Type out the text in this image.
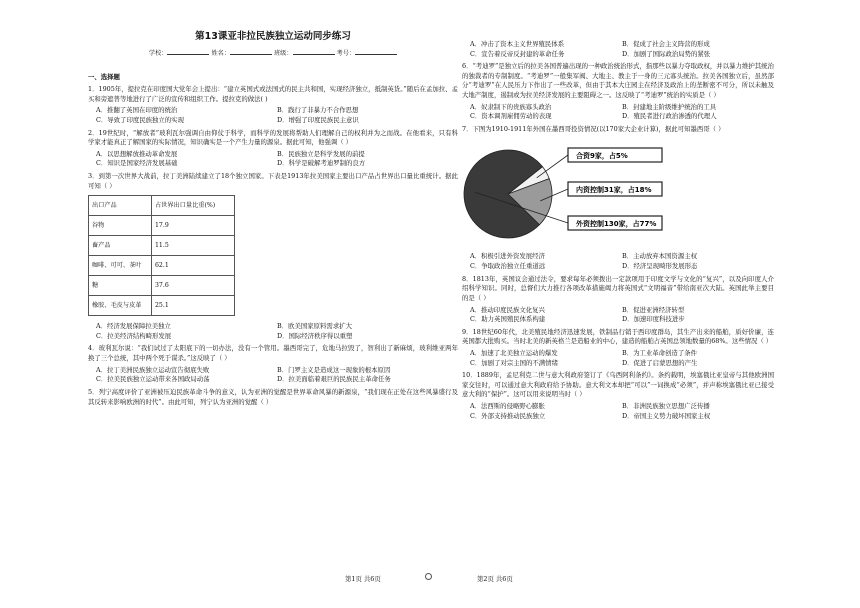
第13课亚非拉民族独立运动同步练习
学校：	姓名：	班级：	考号：
一、选择题
1．1905年，提拉克在印度国大党年会上提出：“建立英国式或法国式的民主共和国，实现经济独立，抵制英货。”随后在孟加拉、孟买和旁遮普等地进行了广泛的宣传和组织工作。提拉克的做法( )
A．推翻了英国在印度的统治	B．践行了非暴力不合作思想
C．导致了印度民族独立的实现	D．增强了印度民族民主意识
2．19世纪时，“解放者”玻利瓦尔强调自由仰仗于科学，而科学的发展将帮助人们理解自己的权利并为之而战。在他看来，只有科学家才能真正了解国家的实际情况，知识确实是一个产生力量的源泉。据此可知，他强调（ ）
A．以思想解放推动革命发展	B．民族独立是科学发展的前提
C．知识是国家经济发展基础	D．科学是破解考迪罗制的良方
3．到第一次世界大战前，拉丁美洲陆续建立了18个独立国家。下表是1913年拉美国家主要出口产品占世界出口量比重统计。据此可知（ ）
出口产品	占世界出口量比重(%)
谷物	17.9
畜产品	11.5
咖啡、可可、茶叶	62.1
糖	37.6
橡胶、毛皮与皮革	25.1
A．经济发展保障拉美独立	B．欧美国家原料需求扩大
C．拉美经济结构畸形发展	D．国际经济秩序得以重塑
4．玻利瓦尔说：“我们试过了太阳底下的一切办法，没有一个管用。墨西哥完了，危地马拉毁了，智利出了新麻烦，玻利维亚两年换了三个总统，其中两个死于谋杀。”这反映了（ ）
A．拉丁美洲民族独立运动宣告彻底失败	B．门罗主义是造成这一现象的根本原因
C．拉美民族独立运动带来各国政局动荡	D．拉美面临着艰巨的民族民主革命任务
5．列宁高度评价了亚洲被压迫民族革命斗争的意义，认为亚洲的觉醒是世界革命风暴的新源泉，“我们现在正处在这些风暴盛行及其反转来影响欧洲的时代”。由此可知，列宁认为亚洲的觉醒（ ）
A．冲击了资本主义世界殖民体系	B．促成了社会主义阵营的形成
C．宣告着反帝反封建的革命任务	D．加剧了国际政治局势的紧张
6．“考迪罗”是独立后的拉美各国普遍出现的一种政治统治形式，指那些以暴力夺取政权，并以暴力维护其统治的独裁者的专制制度。“考迪罗”一般集军阀、大地主、教主于一身的三元寡头统治。拉美各国独立后，虽然部分“考迪罗”在人民压力下作出了一些改革，但由于其本大庄园主在经济及政治上的垄断密不可分，所以未触及大地产制度，遏制或为拉美经济发展的主要阻碍之一。这反映了“考迪罗”统治的实质是（ ）
A．奴隶制下的贵族寡头政治	B．封建地主阶级维护统治的工具
C．资本调剂雇佣劳动的表现	D．殖民者进行政治渗透的代理人
7．下图为1910-1911年外国在墨西哥投资情况(以170家大企业计算)，据此可知墨西哥（ ）
合资9家，占5%
内资控制31家，占18%
外资控制130家，占77%
A．积极引进外资发展经济	B．主动放弃本国资源主权
C．争取政治独立任重道远	D．经济呈现畸形发展形态
8．1813年，英国议会通过法令，要求每年必须拨出一定款项用于印度文学与文化的“复兴”，以及向印度人介绍科学知识。同时，总督们大力推行各项改革措施竭力将英国式“文明福音”带给南亚次大陆。英国此举主要目的是（ ）
A．推动印度民族文化复兴	B．促进亚洲经济转型
C．助力英国殖民体系构建	D．加速印度科技进步
9．18世纪60年代，北美殖民地经济迅速发展，铁制品行销于西印度群岛，其生产出来的船舶，质好价廉，连英国都大批购买。当时北美的新英格兰是造船业的中心，建造的船舶占英国总领地数量的68%。这些情况（ ）
A．加速了北美独立运动的爆发	B．为工业革命创造了条件
C．加剧了对宗主国的不满情绪	D．促进了启蒙思想的产生
10．1889年，孟尼利克二世与意大利政府签订了《乌西阿利条约》。条约载明，埃塞俄比亚皇帝与其他欧洲国家交往时，可以通过意大利政府给予协助。意大利文本却把“可以”一词换成“必须”，并声称埃塞俄比亚已接受意大利的“保护”。这可以用来说明当时（ ）
A．法西斯的侵略野心膨胀	B．非洲民族独立思想广泛传播
C．外部支持推动民族独立	D．帝国主义势力破坏国家主权
第1页 共6页	第2页 共6页
